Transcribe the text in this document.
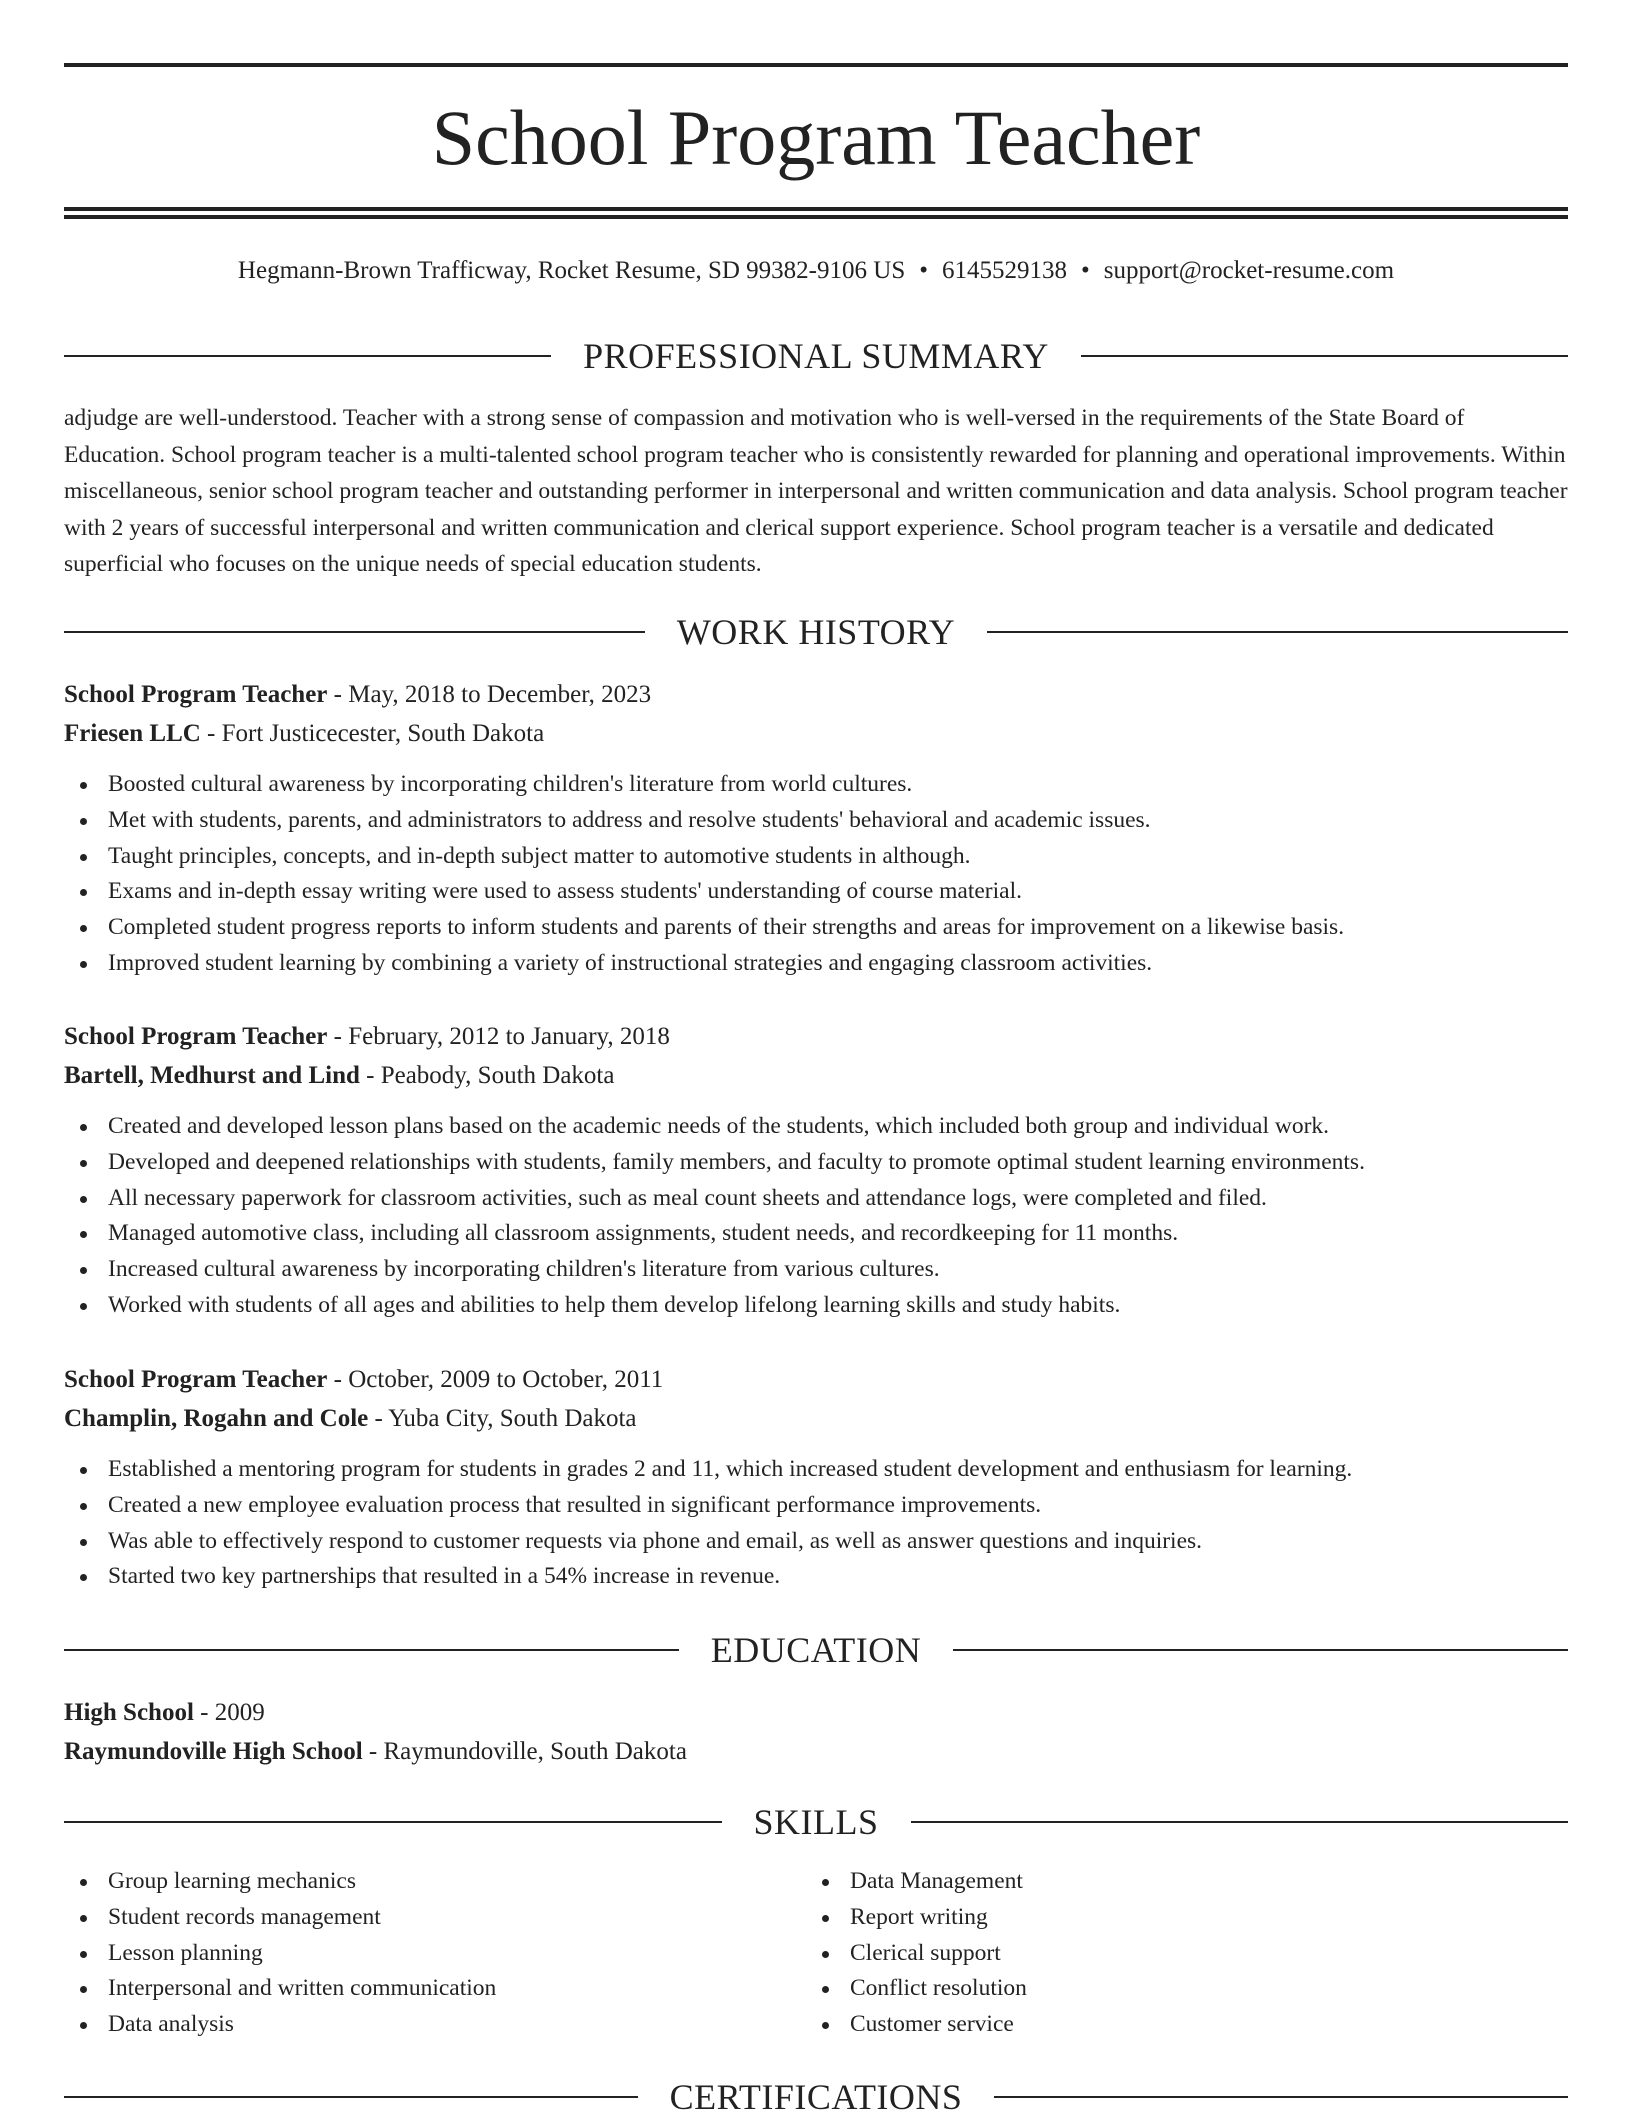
School Program Teacher
Hegmann-Brown Trafficway, Rocket Resume, SD 99382-9106 US • 6145529138 • support@rocket-resume.com
PROFESSIONAL SUMMARY

adjudge are well-understood. Teacher with a strong sense of compassion and motivation who is well-versed in the requirements of the State Board of Education. School program teacher is a multi-talented school program teacher who is consistently rewarded for planning and operational improvements. Within miscellaneous, senior school program teacher and outstanding performer in interpersonal and written communication and data analysis. School program teacher with 2 years of successful interpersonal and written communication and clerical support experience. School program teacher is a versatile and dedicated superficial who focuses on the unique needs of special education students.

WORK HISTORY
School Program Teacher - May, 2018 to December, 2023
Friesen LLC - Fort Justicecester, South Dakota
Boosted cultural awareness by incorporating children's literature from world cultures.
Met with students, parents, and administrators to address and resolve students' behavioral and academic issues.
Taught principles, concepts, and in-depth subject matter to automotive students in although.
Exams and in-depth essay writing were used to assess students' understanding of course material.
Completed student progress reports to inform students and parents of their strengths and areas for improvement on a likewise basis.
Improved student learning by combining a variety of instructional strategies and engaging classroom activities.
School Program Teacher - February, 2012 to January, 2018
Bartell, Medhurst and Lind - Peabody, South Dakota
Created and developed lesson plans based on the academic needs of the students, which included both group and individual work.
Developed and deepened relationships with students, family members, and faculty to promote optimal student learning environments.
All necessary paperwork for classroom activities, such as meal count sheets and attendance logs, were completed and filed.
Managed automotive class, including all classroom assignments, student needs, and recordkeeping for 11 months.
Increased cultural awareness by incorporating children's literature from various cultures.
Worked with students of all ages and abilities to help them develop lifelong learning skills and study habits.
School Program Teacher - October, 2009 to October, 2011
Champlin, Rogahn and Cole - Yuba City, South Dakota
Established a mentoring program for students in grades 2 and 11, which increased student development and enthusiasm for learning.
Created a new employee evaluation process that resulted in significant performance improvements.
Was able to effectively respond to customer requests via phone and email, as well as answer questions and inquiries.
Started two key partnerships that resulted in a 54% increase in revenue.
EDUCATION
High School - 2009
Raymundoville High School - Raymundoville, South Dakota
SKILLS
Group learning mechanics
Student records management
Lesson planning
Interpersonal and written communication
Data analysis
Data Management
Report writing
Clerical support
Conflict resolution
Customer service
CERTIFICATIONS
